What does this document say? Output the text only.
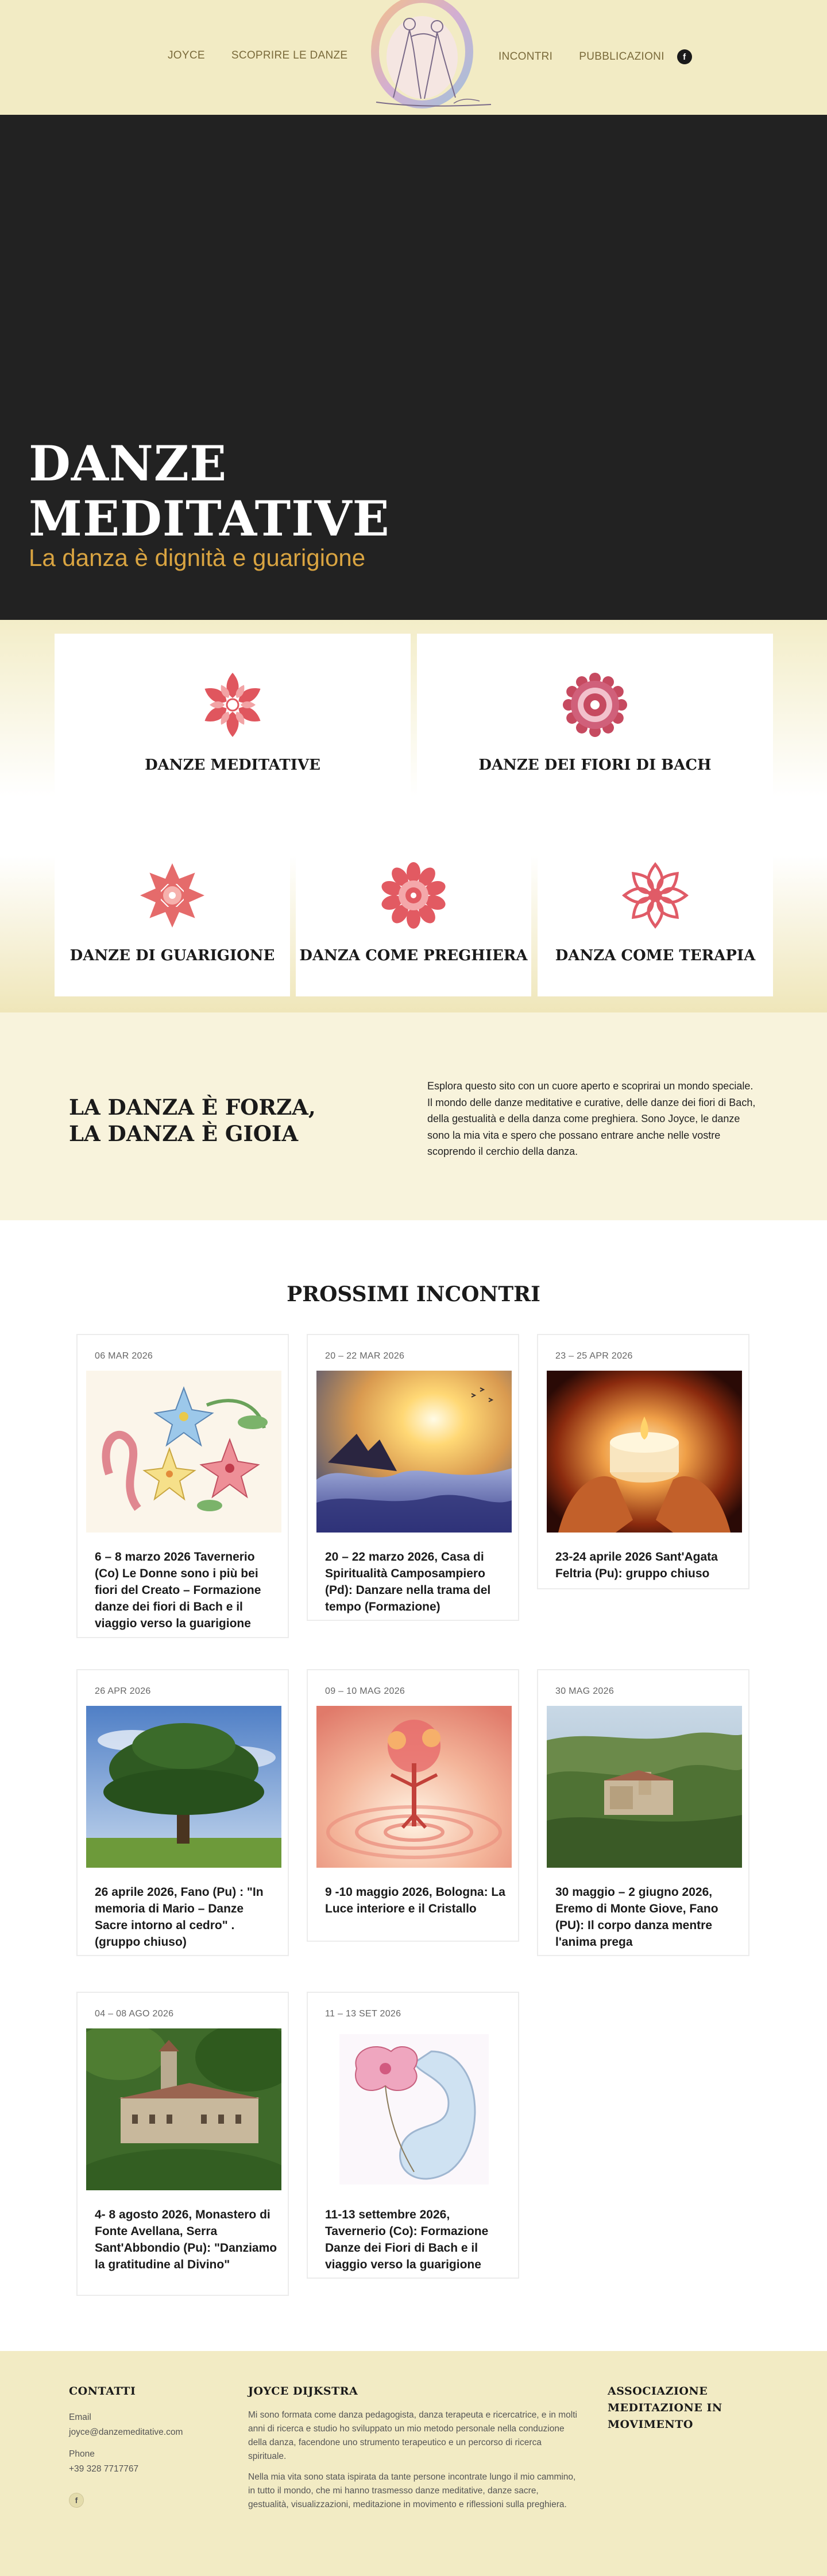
JOYCE SCOPRIRE LE DANZE	INCONTRI PUBBLICAZIONI	f
DANZE
MEDITATIVE
La danza è dignità e guarigione
DANZE MEDITATIVE	DANZE DEI FIORI DI BACH
DANZE DI GUARIGIONE	DANZA COME PREGHIERA	DANZA COME TERAPIA
LA DANZA È FORZA,
LA DANZA È GIOIA

Esplora questo sito con un cuore aperto e scoprirai un mondo speciale. Il mondo delle danze meditative e curative, delle danze dei fiori di Bach, della gestualità e della danza come preghiera. Sono Joyce, le danze sono la mia vita e spero che possano entrare anche nelle vostre scoprendo il cerchio della danza.

PROSSIMI INCONTRI
06 MAR 2026
6 – 8 marzo 2026 Tavernerio (Co) Le Donne sono i più bei fiori del Creato – Formazione danze dei fiori di Bach e il viaggio verso la guarigione
20 – 22 MAR 2026
20 – 22 marzo 2026, Casa di Spiritualità Camposampiero (Pd): Danzare nella trama del tempo (Formazione)
23 – 25 APR 2026
23-24 aprile 2026 Sant'Agata Feltria (Pu): gruppo chiuso
26 APR 2026
26 aprile 2026, Fano (Pu) : "In memoria di Mario – Danze Sacre intorno al cedro" . (gruppo chiuso)
09 – 10 MAG 2026
9 -10 maggio 2026, Bologna: La Luce interiore e il Cristallo
30 MAG 2026
30 maggio – 2 giugno 2026, Eremo di Monte Giove, Fano (PU): Il corpo danza mentre l'anima prega
04 – 08 AGO 2026
4- 8 agosto 2026, Monastero di Fonte Avellana, Serra Sant'Abbondio (Pu): "Danziamo la gratitudine al Divino"
11 – 13 SET 2026
11-13 settembre 2026, Tavernerio (Co): Formazione Danze dei Fiori di Bach e il viaggio verso la guarigione
CONTATTI
Email
joyce@danzemeditative.com
Phone
+39 328 7717767
f
JOYCE DIJKSTRA
Mi sono formata come danza pedagogista, danza terapeuta e ricercatrice, e in molti anni di ricerca e studio ho sviluppato un mio metodo personale nella conduzione della danza, facendone uno strumento terapeutico e un percorso di ricerca spirituale.
Nella mia vita sono stata ispirata da tante persone incontrate lungo il mio cammino, in tutto il mondo, che mi hanno trasmesso danze meditative, danze sacre, gestualità, visualizzazioni, meditazione in movimento e riflessioni sulla preghiera.
ASSOCIAZIONE
MEDITAZIONE IN
MOVIMENTO
